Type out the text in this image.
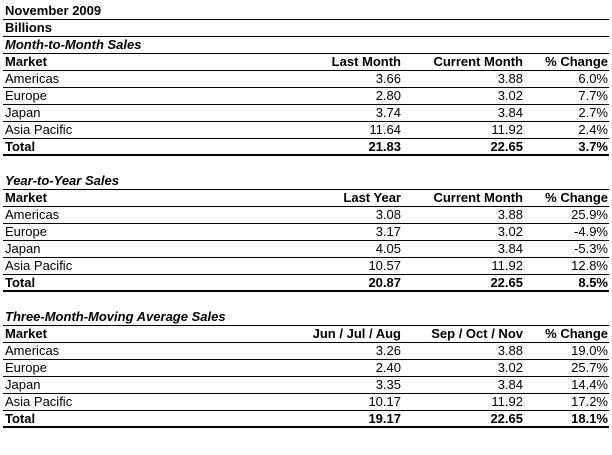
November 2009
Billions
Month-to-Month Sales
Market	Last Month	Current Month	% Change
Americas	3.66	3.88	6.0%
Europe	2.80	3.02	7.7%
Japan	3.74	3.84	2.7%
Asia Pacific	11.64	11.92	2.4%
Total	21.83	22.65	3.7%
Year-to-Year Sales
Market	Last Year	Current Month	% Change
Americas	3.08	3.88	25.9%
Europe	3.17	3.02	-4.9%
Japan	4.05	3.84	-5.3%
Asia Pacific	10.57	11.92	12.8%
Total	20.87	22.65	8.5%
Three-Month-Moving Average Sales
Market	Jun / Jul / Aug	Sep / Oct / Nov	% Change
Americas	3.26	3.88	19.0%
Europe	2.40	3.02	25.7%
Japan	3.35	3.84	14.4%
Asia Pacific	10.17	11.92	17.2%
Total	19.17	22.65	18.1%
